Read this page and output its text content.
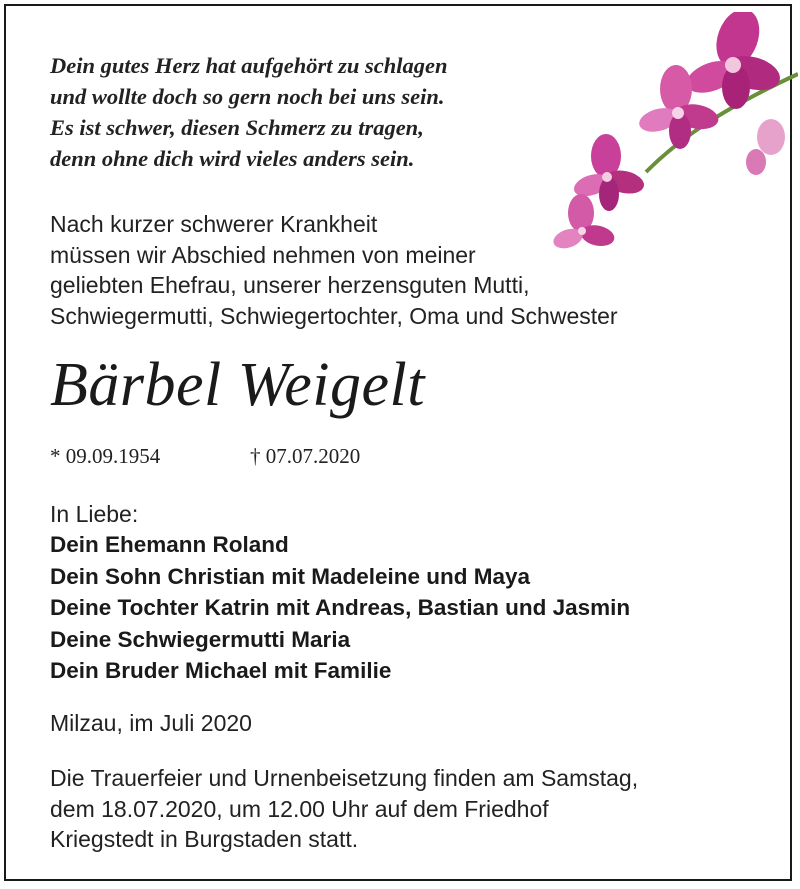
Dein gutes Herz hat aufgehört zu schlagen
und wollte doch so gern noch bei uns sein.
Es ist schwer, diesen Schmerz zu tragen,
denn ohne dich wird vieles anders sein.
Nach kurzer schwerer Krankheit
müssen wir Abschied nehmen von meiner
geliebten Ehefrau, unserer herzensguten Mutti,
Schwiegermutti, Schwiegertochter, Oma und Schwester
Bärbel Weigelt
* 09.09.1954	† 07.07.2020
In Liebe:
Dein Ehemann Roland
Dein Sohn Christian mit Madeleine und Maya
Deine Tochter Katrin mit Andreas, Bastian und Jasmin
Deine Schwiegermutti Maria
Dein Bruder Michael mit Familie
Milzau, im Juli 2020
Die Trauerfeier und Urnenbeisetzung finden am Samstag,
dem 18.07.2020, um 12.00 Uhr auf dem Friedhof
Kriegstedt in Burgstaden statt.
